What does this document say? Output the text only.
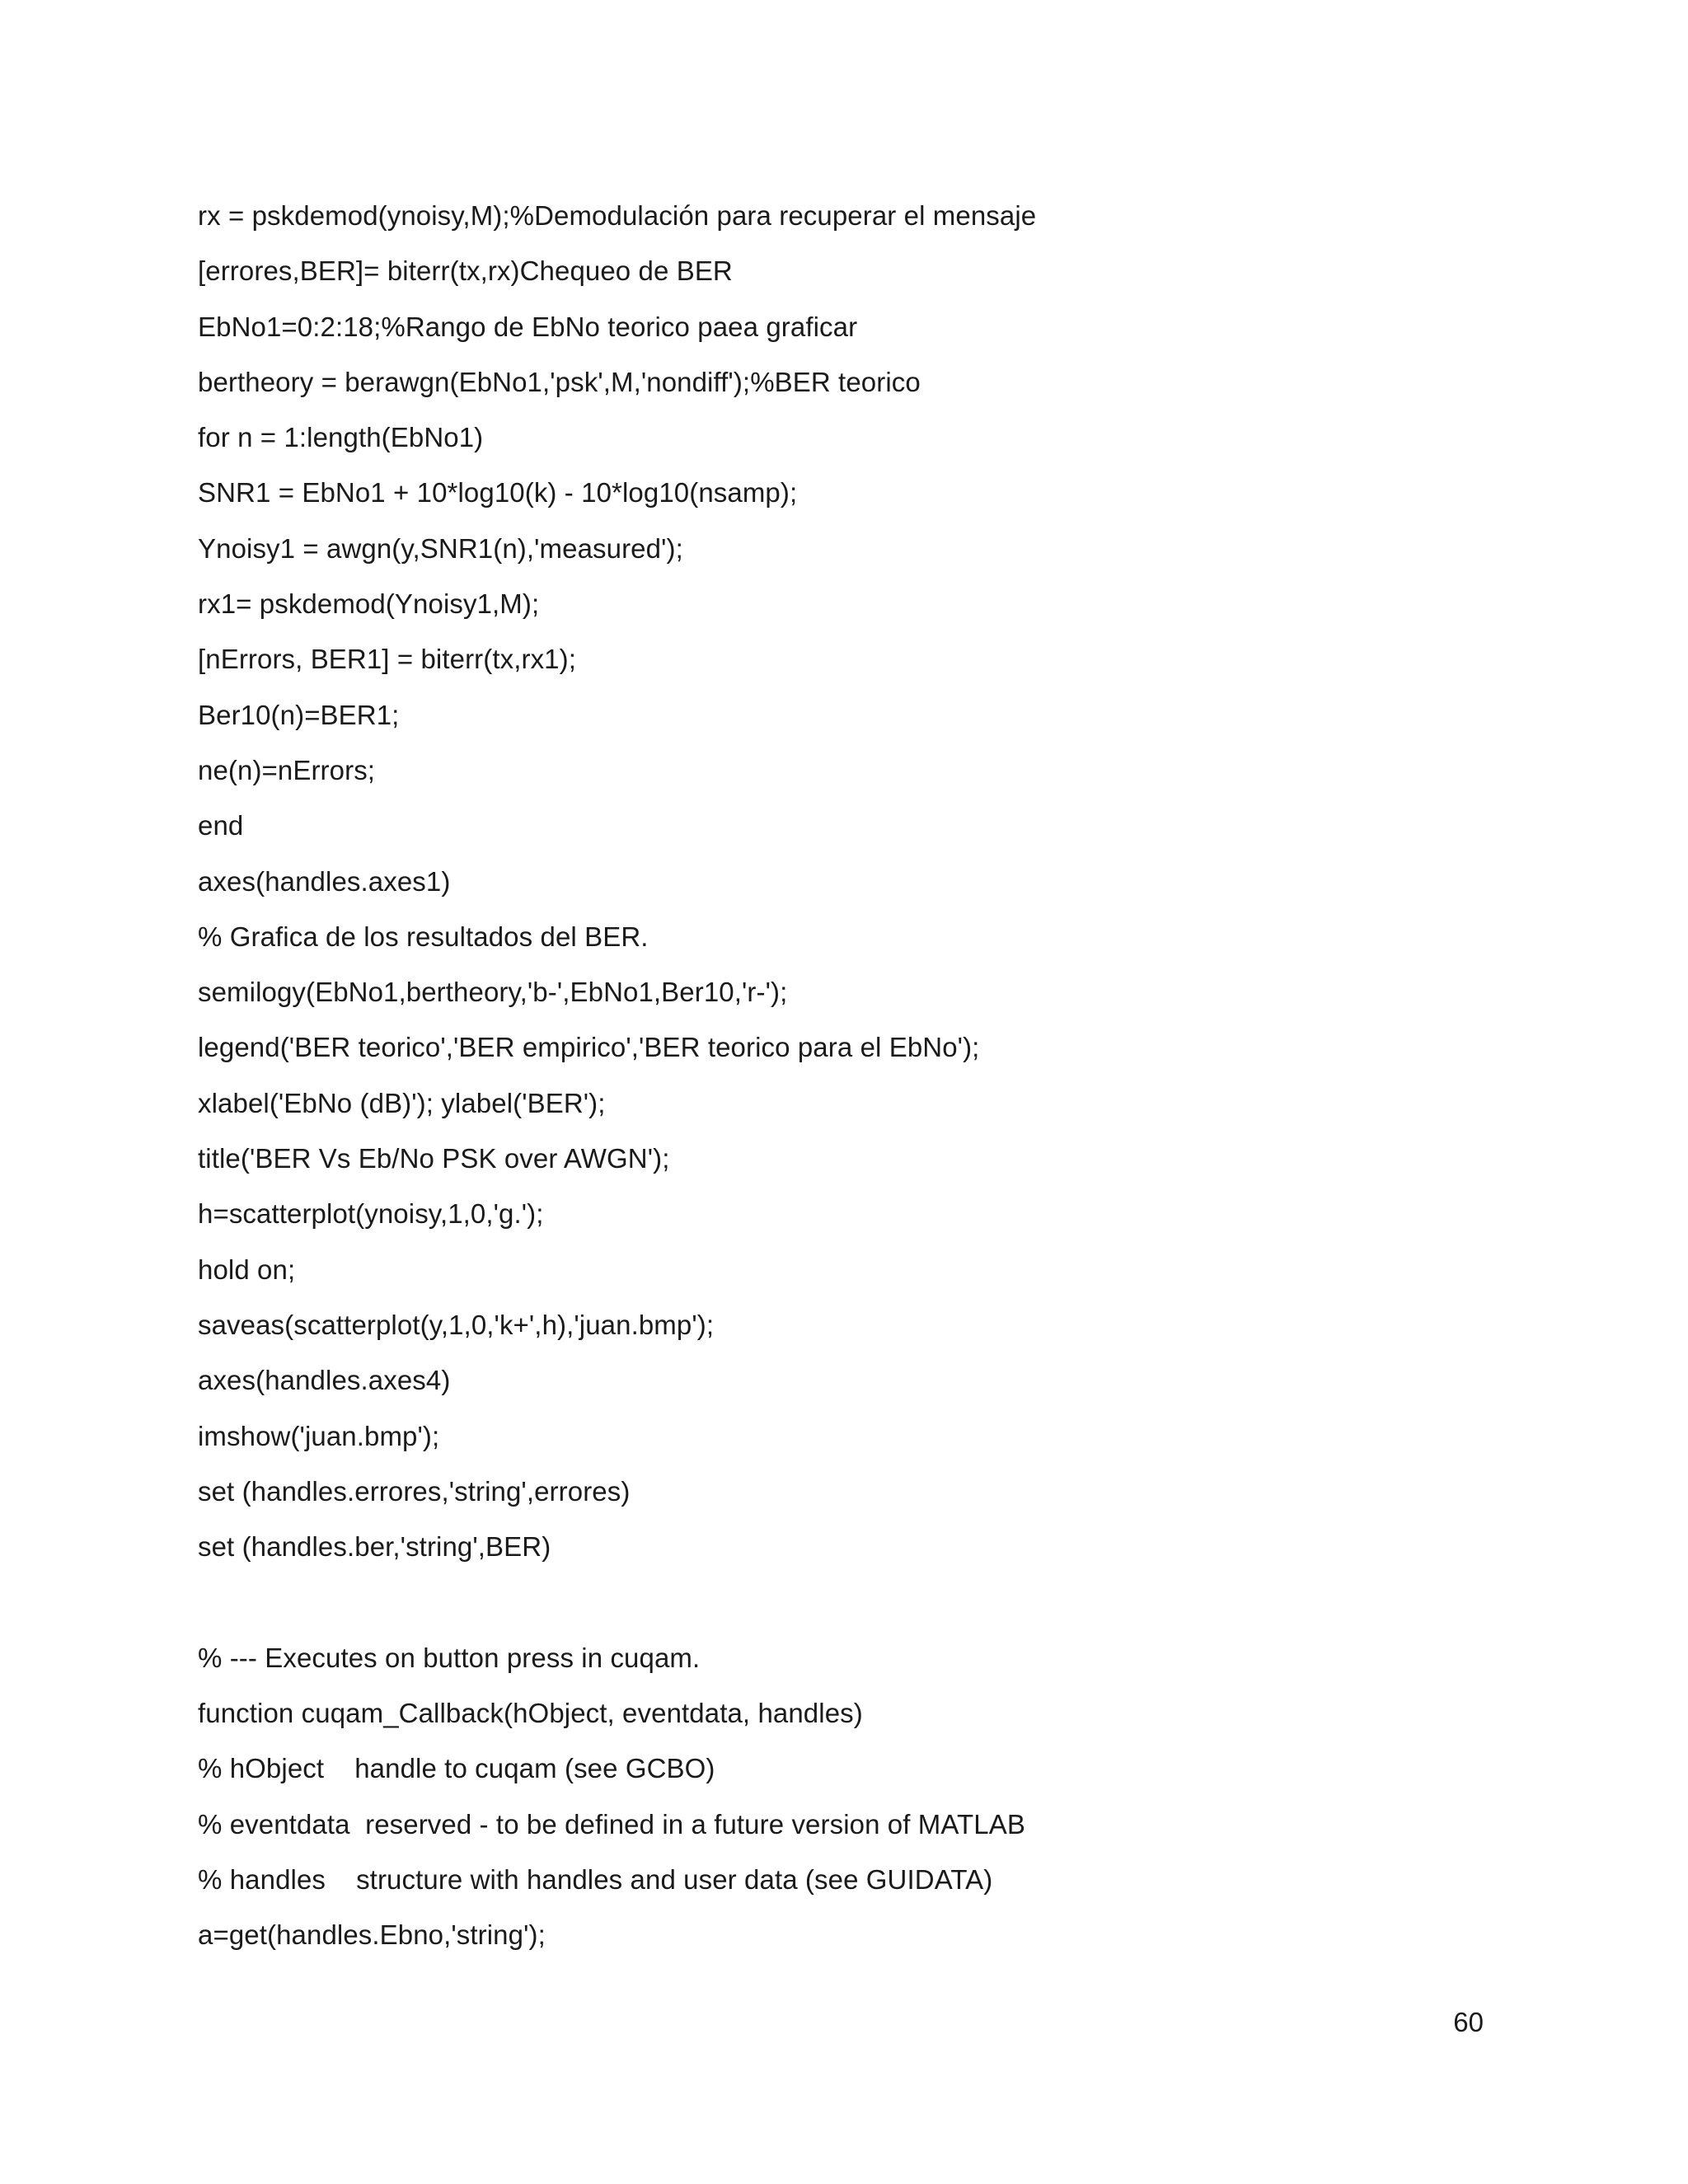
rx = pskdemod(ynoisy,M);%Demodulación para recuperar el mensaje
[errores,BER]= biterr(tx,rx)Chequeo de BER
EbNo1=0:2:18;%Rango de EbNo teorico paea graficar
bertheory = berawgn(EbNo1,'psk',M,'nondiff');%BER teorico
for n = 1:length(EbNo1)
SNR1 = EbNo1 + 10*log10(k) - 10*log10(nsamp);
Ynoisy1 = awgn(y,SNR1(n),'measured');
rx1= pskdemod(Ynoisy1,M);
[nErrors, BER1] = biterr(tx,rx1);
Ber10(n)=BER1;
ne(n)=nErrors;
end
axes(handles.axes1)
% Grafica de los resultados del BER.
semilogy(EbNo1,bertheory,'b-',EbNo1,Ber10,'r-');
legend('BER teorico','BER empirico','BER teorico para el EbNo');
xlabel('EbNo (dB)'); ylabel('BER');
title('BER Vs Eb/No PSK over AWGN');
h=scatterplot(ynoisy,1,0,'g.');
hold on;
saveas(scatterplot(y,1,0,'k+',h),'juan.bmp');
axes(handles.axes4)
imshow('juan.bmp');
set (handles.errores,'string',errores)
set (handles.ber,'string',BER)
% --- Executes on button press in cuqam.
function cuqam_Callback(hObject, eventdata, handles)
% hObject    handle to cuqam (see GCBO)
% eventdata  reserved - to be defined in a future version of MATLAB
% handles    structure with handles and user data (see GUIDATA)
a=get(handles.Ebno,'string');
60
